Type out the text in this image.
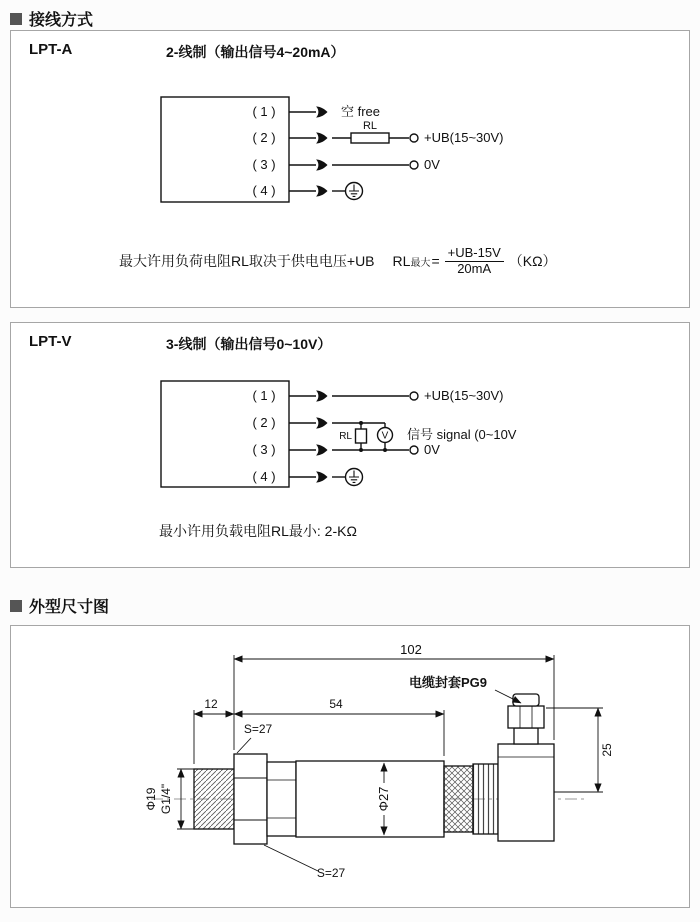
接线方式
LPT-A	2-线制（输出信号4~20mA）
( 1 )
( 2 )
( 3 )
( 4 )
空 free
RL
+UB(15~30V)
0V
最大许用负荷电阻RL取决于供电电压+UB RL 最大 = $\frac{+UB-15V}{20mA} (K\Omega)$
LPT-V	3-线制（输出信号0~10V）
( 1 )
( 2 )
( 3 )
( 4 )
+UB(15~30V)
RL	V 信号 signal (0~10V
0V
最小许用负载电阻RL最小: 2-KΩ
外型尺寸图
102
12	54
电缆封套PG9
S=27
S=27
Φ19 G1/4"	Φ27
25
